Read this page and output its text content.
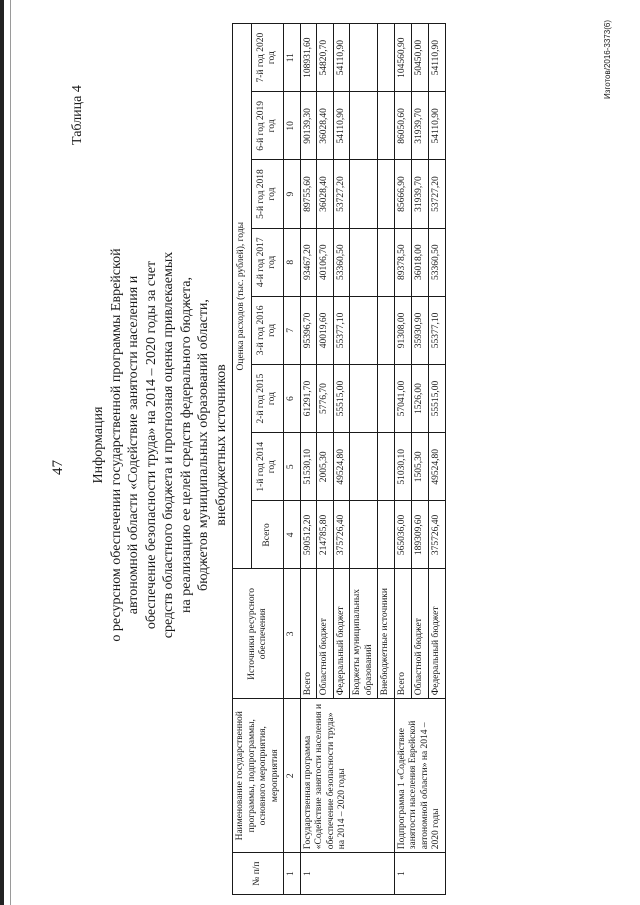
47
Таблица 4
Информация о ресурсном обеспечении государственной программы Еврейской автономной области «Содействие занятости населения и обеспечение безопасности труда» на 2014 – 2020 годы за счет средств областного бюджета и прогнозная оценка привлекаемых на реализацию ее целей средств федерального бюджета, бюджетов муниципальных образований области, внебюджетных источников
№ п/п	Наименование государственной программы, подпрограммы, основного мероприятия, мероприятия	Источники ресурсного обеспечения	Оценка расходов (тыс. рублей), годы							
			Всего	1-й год 2014 год	2-й год 2015 год	3-й год 2016 год	4-й год 2017 год	5-й год 2018 год	6-й год 2019 год	7-й год 2020 год
1	2	3	4	5	6	7	8	9	10	11
1	Государственная программа «Содействие занятости населения и обеспечение безопасности труда» на 2014 – 2020 годы	Всего	590512,20	51530,10	61291,70	95396,70	93467,20	89755,60	90139,30	108931,60
		Областной бюджет	214785,80	2005,30	5776,70	40019,60	40106,70	36028,40	36028,40	54820,70
		Федеральный бюджет	375726,40	49524,80	55515,00	55377,10	53360,50	53727,20	54110,90	54110,90
		Бюджеты муниципальных образований								
		Внебюджетные источники								
1	Подпрограмма 1 «Содействие занятости населения Еврейской автономной области» на 2014 – 2020 годы	Всего	565036,00	51030,10	57041,00	91308,00	89378,50	85666,90	86050,60	104560,90
		Областной бюджет	189309,60	1505,30	1526,00	35930,90	36018,00	31939,70	31939,70	50450,00
		Федеральный бюджет	375726,40	49524,80	55515,00	55377,10	53360,50	53727,20	54110,90	54110,90	Изготов/2016-3373(6)
